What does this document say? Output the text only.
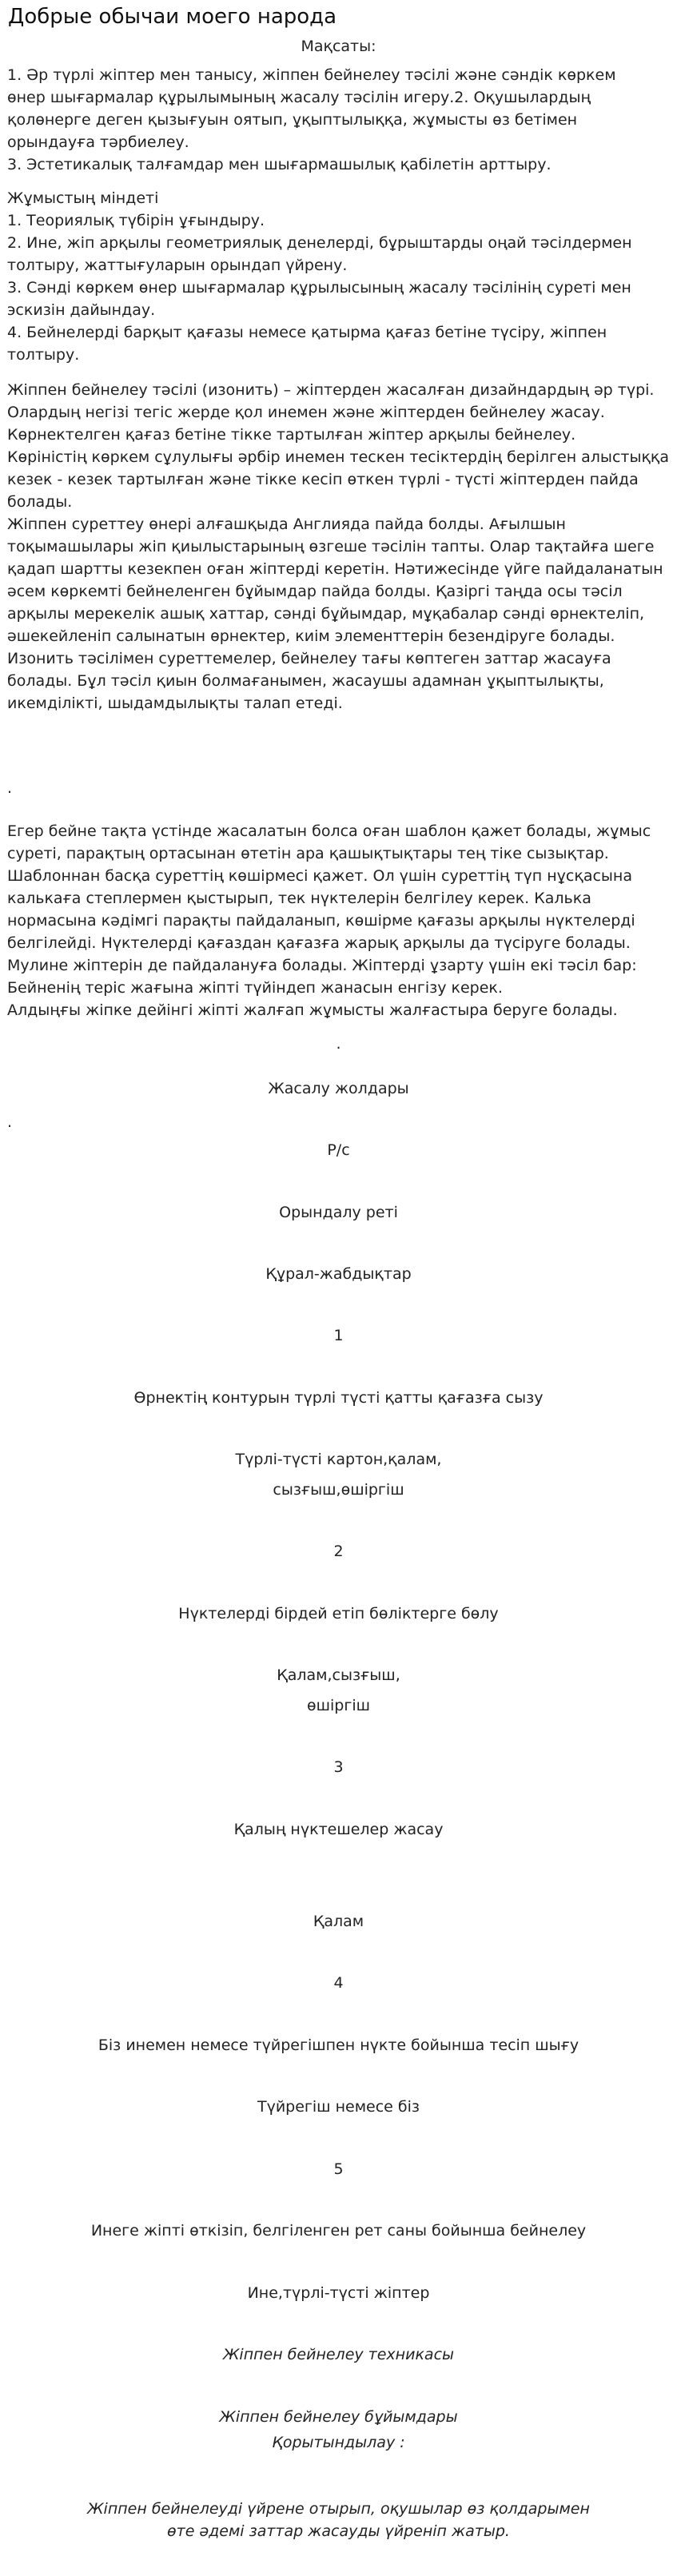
Добрые обычаи моего народа
Мақсаты:
1. Әр түрлі жіптер мен танысу, жіппен бейнелеу тәсілі және сәндік көркем
өнер шығармалар құрылымының жасалу тәсілін игеру.2. Оқушылардың
қолөнерге деген қызығуын оятып, ұқыптылыққа, жұмысты өз бетімен
орындауға тәрбиелеу.
3. Эстетикалық талғамдар мен шығармашылық қабілетін арттыру.
Жұмыстың міндеті
1. Теориялық түбірін ұғындыру.
2. Ине, жіп арқылы геометриялық денелерді, бұрыштарды оңай тәсілдермен
толтыру, жаттығуларын орындап үйрену.
3. Сәнді көркем өнер шығармалар құрылысының жасалу тәсілінің суреті мен
эскизін дайындау.
4. Бейнелерді барқыт қағазы немесе қатырма қағаз бетіне түсіру, жіппен
толтыру.
Жіппен бейнелеу тәсілі (изонить) – жіптерден жасалған дизайндардың әр түрі.
Олардың негізі тегіс жерде қол инемен және жіптерден бейнелеу жасау.
Көрнектелген қағаз бетіне тікке тартылған жіптер арқылы бейнелеу.
Көріністің көркем сұлулығы әрбір инемен тескен тесіктердің берілген алыстыққа
кезек - кезек тартылған және тікке кесіп өткен түрлі - түсті жіптерден пайда
болады.
Жіппен суреттеу өнері алғашқыда Англияда пайда болды. Ағылшын
тоқымашылары жіп қиылыстарының өзгеше тәсілін тапты. Олар тақтайға шеге
қадап шартты кезекпен оған жіптерді керетін. Нәтижесінде үйге пайдаланатын
әсем көркемті бейнеленген бұйымдар пайда болды. Қазіргі таңда осы тәсіл
арқылы мерекелік ашық хаттар, сәнді бұйымдар, мұқабалар сәнді өрнектеліп,
әшекейленіп салынатын өрнектер, киім элементтерін безендіруге болады.
Изонить тәсілімен суреттемелер, бейнелеу тағы көптеген заттар жасауға
болады. Бұл тәсіл қиын болмағанымен, жасаушы адамнан ұқыптылықты,
икемділікті, шыдамдылықты талап етеді.
.
Егер бейне тақта үстінде жасалатын болса оған шаблон қажет болады, жұмыс
суреті, парақтың ортасынан өтетін ара қашықтықтары тең тіке сызықтар.
Шаблоннан басқа суреттің көшірмесі қажет. Ол үшін суреттің түп нұсқасына
калькаға степлермен қыстырып, тек нүктелерін белгілеу керек. Калька
нормасына кәдімгі парақты пайдаланып, көшірме қағазы арқылы нүктелерді
белгілейді. Нүктелерді қағаздан қағазға жарық арқылы да түсіруге болады.
Мулине жіптерін де пайдалануға болады. Жіптерді ұзарту үшін екі тәсіл бар:
Бейненің теріс жағына жіпті түйіндеп жанасын енгізу керек.
Алдыңғы жіпке дейінгі жіпті жалғап жұмысты жалғастыра беруге болады.
.
Жасалу жолдары
.
Р/с
Орындалу реті
Құрал-жабдықтар
1
Өрнектің контурын түрлі түсті қатты қағазға сызу
Түрлі-түсті картон,қалам,
сызғыш,өшіргіш
2
Нүктелерді бірдей етіп бөліктерге бөлу
Қалам,сызғыш,
өшіргіш
3
Қалың нүктешелер жасау
Қалам
4
Біз инемен немесе түйрегішпен нүкте бойынша тесіп шығу
Түйрегіш немесе біз
5
Инеге жіпті өткізіп, белгіленген рет саны бойынша бейнелеу
Ине,түрлі-түсті жіптер
Жіппен бейнелеу техникасы
Жіппен бейнелеу бұйымдары
Қорытындылау :
Жіппен бейнелеуді үйрене отырып, оқушылар өз қолдарымен
өте әдемі заттар жасауды үйреніп жатыр.
